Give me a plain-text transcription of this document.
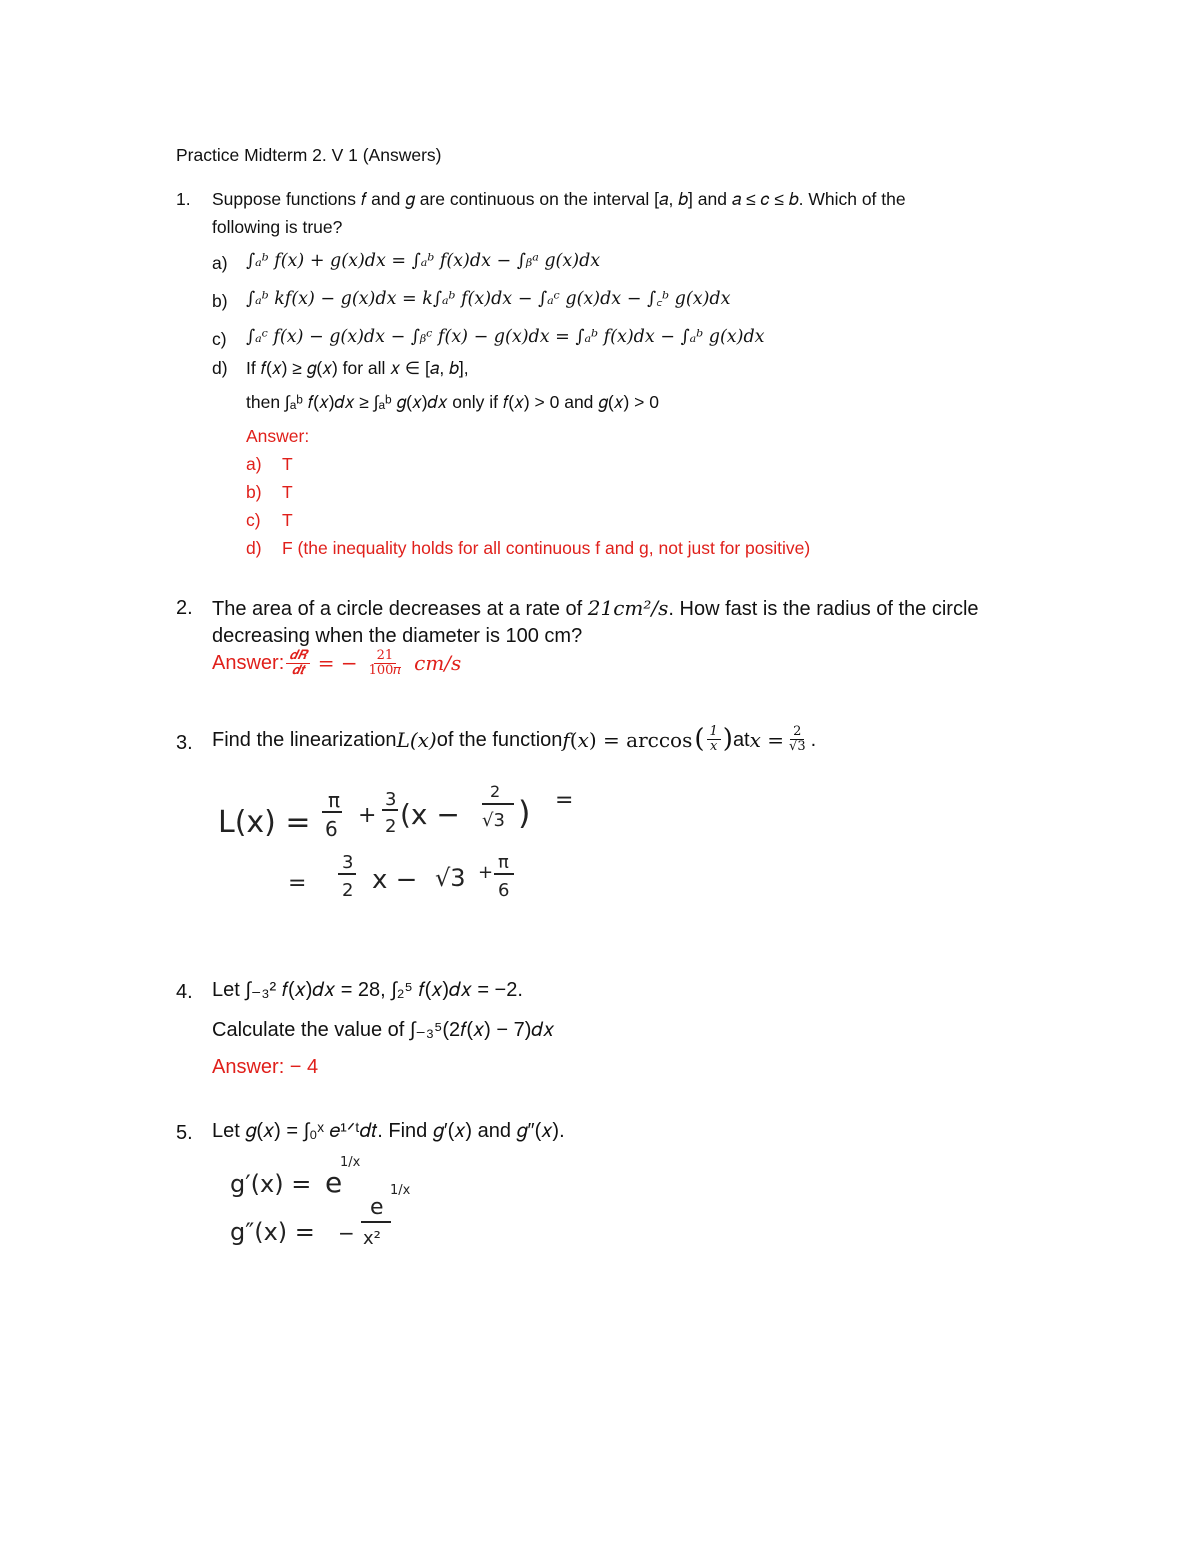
Practice Midterm 2. V 1 (Answers)
1. Suppose functions 𝑓 and 𝑔 are continuous on the interval [𝑎, 𝑏] and 𝑎 ≤ 𝑐 ≤ 𝑏. Which of the
following is true?
a) ∫ₐᵇ 𝑓(𝑥) + 𝑔(𝑥)𝑑𝑥 = ∫ₐᵇ 𝑓(𝑥)𝑑𝑥 − ∫ᵦᵃ 𝑔(𝑥)𝑑𝑥
b) ∫ₐᵇ 𝑘𝑓(𝑥) − 𝑔(𝑥)𝑑𝑥 = 𝑘∫ₐᵇ 𝑓(𝑥)𝑑𝑥 − ∫ₐᶜ 𝑔(𝑥)𝑑𝑥 − ∫꜀ᵇ 𝑔(𝑥)𝑑𝑥
c) ∫ₐᶜ 𝑓(𝑥) − 𝑔(𝑥)𝑑𝑥 − ∫ᵦᶜ 𝑓(𝑥) − 𝑔(𝑥)𝑑𝑥 = ∫ₐᵇ 𝑓(𝑥)𝑑𝑥 − ∫ₐᵇ 𝑔(𝑥)𝑑𝑥
d) If 𝑓(𝑥) ≥ 𝑔(𝑥) for all 𝑥 ∈ [𝑎, 𝑏],
then ∫ₐᵇ 𝑓(𝑥)𝑑𝑥 ≥ ∫ₐᵇ 𝑔(𝑥)𝑑𝑥 only if 𝑓(𝑥) > 0 and 𝑔(𝑥) > 0
Answer:
a) T
b) T
c) T
d) F (the inequality holds for all continuous f and g, not just for positive)
2. The area of a circle decreases at a rate of 21𝑐𝑚²/𝑠. How fast is the radius of the circle
decreasing when the diameter is 100 cm?
Answer: $\frac{\text{𝒅𝑹}}{\text{𝒅𝒕}}$ = − $\frac{21}{\text{100𝜋}}$ 𝑐𝑚/𝑠
3. Find the linearization 𝐿(𝑥) of the function 𝑓(𝑥) = arccos ( $\frac{1}{\text{𝑥}}$ ) at 𝑥 = $\frac{2}{√3}$ .
L(x) =
π
6
+
3
2 (x −
2
√3 ) =
=
3
2 x − √3 + π
6
4. Let ∫₋₃² 𝑓(𝑥)𝑑𝑥 = 28, ∫₂⁵ 𝑓(𝑥)𝑑𝑥 = −2.
Calculate the value of ∫₋₃⁵(2𝑓(𝑥) − 7)𝑑𝑥
Answer: − 4
5. Let 𝑔(𝑥) = ∫₀ˣ 𝑒¹ᐟᵗ𝑑𝑡. Find 𝑔′(𝑥) and 𝑔″(𝑥).
g′(x) = e
1/x
g″(x) = −
e
1/x
x²
